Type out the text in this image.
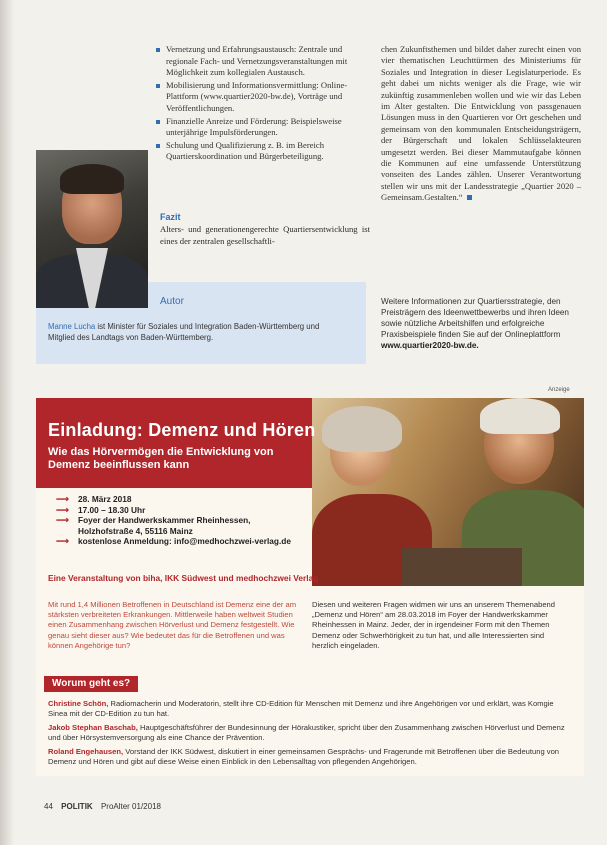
Vernetzung und Erfahrungsaustausch: Zentrale und regionale Fach- und Vernetzungsveranstaltungen mit Möglichkeit zum kollegialen Austausch.
Mobilisierung und Informationsvermittlung: Online-Plattform (www.quartier2020-bw.de), Vorträge und Veröffentlichungen.
Finanzielle Anreize und Förderung: Beispielsweise unterjährige Impulsförderungen.
Schulung und Qualifizierung z. B. im Bereich Quartierskoordination und Bürgerbeteiligung.
Fazit
Alters- und generationengerechte Quartiersentwicklung ist eines der zentralen gesellschaftli-
chen Zukunftsthemen und bildet daher zurecht einen von vier thematischen Leuchttürmen des Ministeriums für Soziales und Integration in dieser Legislaturperiode. Es geht dabei um nichts weniger als die Frage, wie wir zukünftig zusammenleben wollen und wie wir das Leben im Alter gestalten. Die Entwicklung von passgenauen Lösungen muss in den Quartieren vor Ort geschehen und gemeinsam von den kommunalen Entscheidungsträgern, der Bürgerschaft und lokalen Schlüsselakteuren umgesetzt werden. Bei dieser Mammutaufgabe können die Kommunen auf eine umfassende Unterstützung vonseiten des Landes zählen. Unserer Verantwortung stellen wir uns mit der Landesstrategie „Quartier 2020 – Gemeinsam.Gestalten.“
Autor
Manne Lucha ist Minister für Soziales und Integration Baden-Württemberg und Mitglied des Landtags von Baden-Württemberg.
Weitere Informationen zur Quartiersstrategie, den Preisträgern des Ideenwettbewerbs und ihren Ideen sowie nützliche Arbeitshilfen und erfolgreiche Praxisbeispiele finden Sie auf der Onlineplattform www.quartier2020-bw.de.
Anzeige
Einladung: Demenz und Hören
Wie das Hörvermögen die Entwicklung von Demenz beeinflussen kann
⟶	28. März 2018
⟶	17.00 – 18.30 Uhr
⟶	Foyer der Handwerkskammer Rheinhessen,
Holzhofstraße 4, 55116 Mainz
⟶	kostenlose Anmeldung: info@medhochzwei-verlag.de
Eine Veranstaltung von biha, IKK Südwest und medhochzwei Verlag
Mit rund 1,4 Millionen Betroffenen in Deutschland ist Demenz eine der am stärksten verbreiteten Erkrankungen. Mittlerweile haben weltweit Studien einen Zusammenhang zwischen Hörverlust und Demenz festgestellt. Wie genau sieht dieser aus? Wie bedeutet das für die Betroffenen und was können Angehörige tun?
Diesen und weiteren Fragen widmen wir uns an unserem Themenabend „Demenz und Hören“ am 28.03.2018 im Foyer der Handwerkskammer Rheinhessen in Mainz. Jeder, der in irgendeiner Form mit den Themen Demenz oder Schwerhörigkeit zu tun hat, und alle Interessierten sind herzlich eingeladen.
Worum geht es?

Christine Schön, Radiomacherin und Moderatorin, stellt ihre CD-Edition für Menschen mit Demenz und ihre Angehörigen vor und erklärt, was Komgie Sinea mit der CD-Edition zu tun hat.

Jakob Stephan Baschab, Hauptgeschäftsführer der Bundesinnung der Hörakustiker, spricht über den Zusammenhang zwischen Hörverlust und Demenz und über Hörsystemversorgung als eine Chance der Prävention.

Roland Engehausen, Vorstand der IKK Südwest, diskutiert in einer gemeinsamen Gesprächs- und Fragerunde mit Betroffenen über die Bedeutung von Demenz und Hören und gibt auf diese Weise einen Einblick in den Lebensalltag von pflegenden Angehörigen.

44 POLITIK ProAlter 01/2018
